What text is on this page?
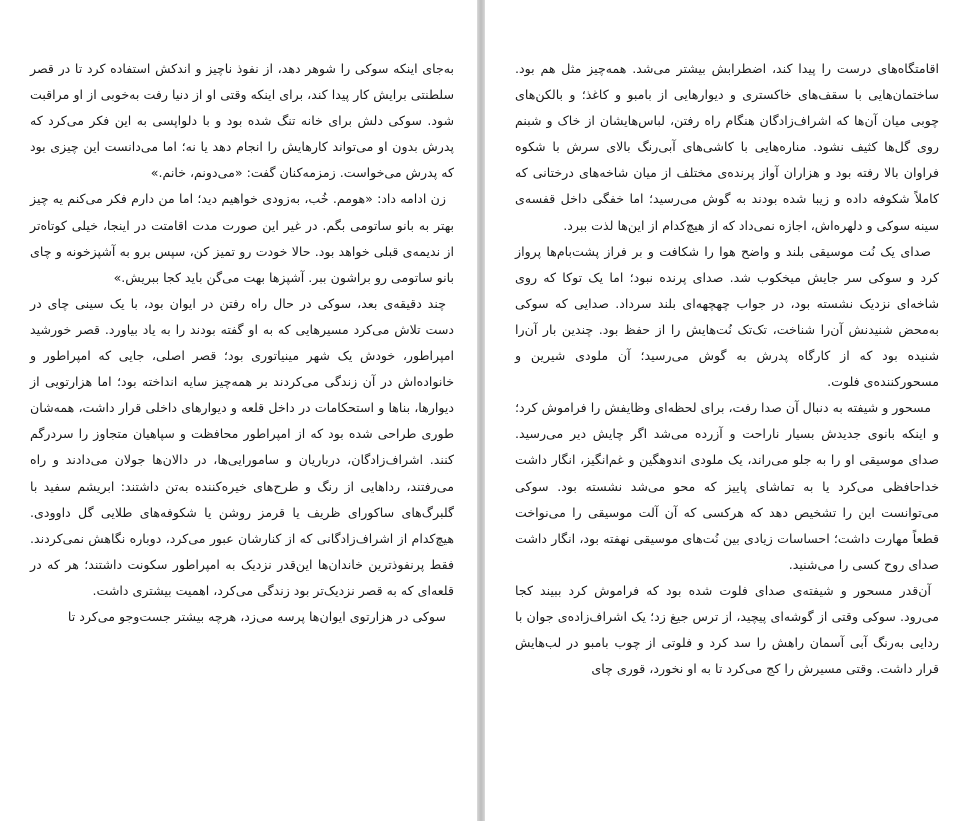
به‌جای اینکه سوکی را شوهر دهد، از نفوذ ناچیز و اندکش استفاده کرد تا در قصر سلطنتی برایش کار پیدا کند، برای اینکه وقتی او از دنیا رفت به‌خوبی از او مراقبت شود. سوکی دلش برای خانه تنگ شده بود و با دلواپسی به این فکر می‌کرد که پدرش بدون او می‌تواند کارهایش را انجام دهد یا نه؛ اما می‌دانست این چیزی بود که پدرش می‌خواست. زمزمه‌کنان گفت: «می‌دونم، خانم.»

زن ادامه داد: «هومم. خُب، به‌زودی خواهیم دید؛ اما من دارم فکر می‌کنم یه چیز بهتر به بانو ساتومی بگم. در غیر این صورت مدت اقامتت در اینجا، خیلی کوتاه‌تر از ندیمه‌ی قبلی خواهد بود. حالا خودت رو تمیز کن، سپس برو به آشپزخونه و چای بانو ساتومی رو براشون ببر. آشپزها بهت می‌گن باید کجا ببریش.»

چند دقیقه‌ی بعد، سوکی در حال راه رفتن در ایوان بود، با یک سینی چای در دست تلاش می‌کرد مسیرهایی که به او گفته بودند را به یاد بیاورد. قصر خورشید امپراطور، خودش یک شهر مینیاتوری بود؛ قصر اصلی، جایی که امپراطور و خانواده‌اش در آن زندگی می‌کردند بر همه‌چیز سایه انداخته بود؛ اما هزارتویی از دیوارها، بناها و استحکامات در داخل قلعه و دیوارهای داخلی قرار داشت، همه‌شان طوری طراحی شده بود که از امپراطور محافظت و سپاهیان متجاوز را سردرگم کنند. اشراف‌زادگان، درباریان و سامورایی‌ها، در دالان‌ها جولان می‌دادند و راه می‌رفتند، رداهایی از رنگ و طرح‌های خیره‌کننده به‌تن داشتند: ابریشم سفید با گلبرگ‌های ساکورای ظریف یا قرمز روشن یا شکوفه‌های طلایی گل داوودی. هیچ‌کدام از اشراف‌زادگانی که از کنارشان عبور می‌کرد، دوباره نگاهش نمی‌کردند. فقط پرنفوذترین خاندان‌ها این‌قدر نزدیک به امپراطور سکونت داشتند؛ هر که در قلعه‌ای که به قصر نزدیک‌تر بود زندگی می‌کرد، اهمیت بیشتری داشت.

سوکی در هزارتوی ایوان‌ها پرسه می‌زد، هرچه بیشتر جست‌وجو می‌کرد تا

اقامتگاه‌های درست را پیدا کند، اضطرابش بیشتر می‌شد. همه‌چیز مثل هم بود. ساختمان‌هایی با سقف‌های خاکستری و دیوارهایی از بامبو و کاغذ؛ و بالکن‌های چوبی میان آن‌ها که اشراف‌زادگان هنگام راه رفتن، لباس‌هایشان از خاک و شبنم روی گل‌ها کثیف نشود. مناره‌هایی با کاشی‌های آبی‌رنگ بالای سرش با شکوه فراوان بالا رفته بود و هزاران آواز پرنده‌ی مختلف از میان شاخه‌های درختانی که کاملاً شکوفه داده و زیبا شده بودند به گوش می‌رسید؛ اما خفگی داخل قفسه‌ی سینه سوکی و دلهره‌اش، اجازه نمی‌داد که از هیچ‌کدام از این‌ها لذت ببرد.

صدای یک نُت موسیقی بلند و واضح هوا را شکافت و بر فراز پشت‌بام‌ها پرواز کرد و سوکی سر جایش میخکوب شد. صدای پرنده نبود؛ اما یک توکا که روی شاخه‌ای نزدیک نشسته بود، در جواب چهچهه‌ای بلند سرداد. صدایی که سوکی به‌محض شنیدنش آن‌را شناخت، تک‌تک نُت‌هایش را از حفظ بود. چندین بار آن‌را شنیده بود که از کارگاه پدرش به گوش می‌رسید؛ آن ملودی شیرین و مسحورکننده‌ی فلوت.

مسحور و شیفته به دنبال آن صدا رفت، برای لحظه‌ای وظایفش را فراموش کرد؛ و اینکه بانوی جدیدش بسیار ناراحت و آزرده می‌شد اگر چایش دیر می‌رسید. صدای موسیقی او را به جلو می‌راند، یک ملودی اندوهگین و غم‌انگیز، انگار داشت خداحافظی می‌کرد یا به تماشای پاییز که محو می‌شد نشسته بود. سوکی می‌توانست این را تشخیص دهد که هرکسی که آن آلت موسیقی را می‌نواخت قطعاً مهارت داشت؛ احساسات زیادی بین نُت‌های موسیقی نهفته بود، انگار داشت صدای روح کسی را می‌شنید.

آن‌قدر مسحور و شیفته‌ی صدای فلوت شده بود که فراموش کرد ببیند کجا می‌رود. سوکی وقتی از گوشه‌ای پیچید، از ترس جیغ زد؛ یک اشراف‌زاده‌ی جوان با ردایی به‌رنگ آبی آسمان راهش را سد کرد و فلوتی از چوب بامبو در لب‌هایش قرار داشت. وقتی مسیرش را کج می‌کرد تا به او نخورد، قوری چای
